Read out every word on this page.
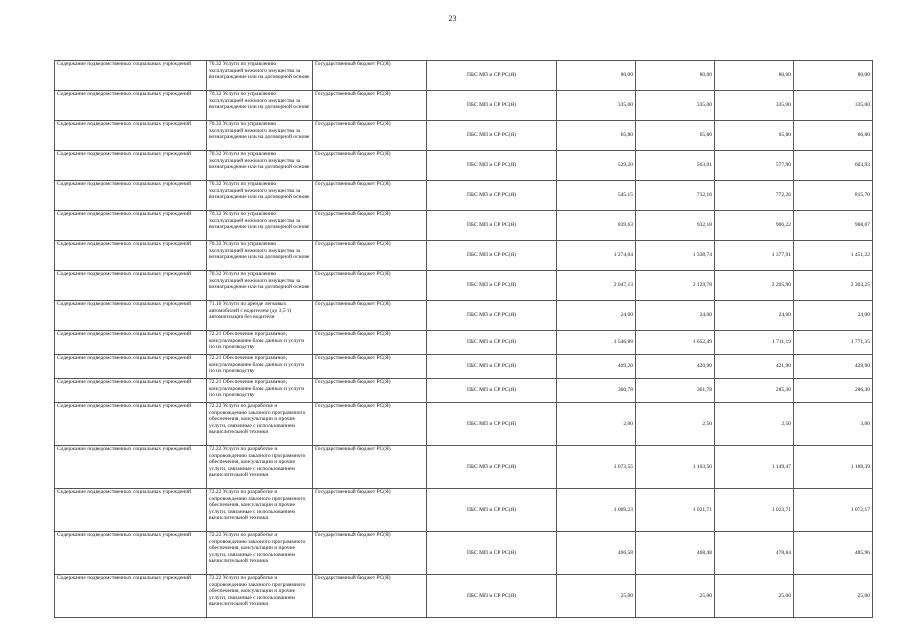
23
Содержание подведомственных социальных учреждений	70.32 Услуги по управлению эксплуатацией нежилого имущества за вознаграждение или на договорной основе	Государственный бюджет РС(Я)	ПБС МП и СР РС(Я)	80,00	80,00	80,00	80,00
Содержание подведомственных социальных учреждений	70.32 Услуги по управлению эксплуатацией нежилого имущества за вознаграждение или на договорной основе	Государственный бюджет РС(Я)	ПБС МП и СР РС(Я)	335,00	335,00	335,00	335,00
Содержание подведомственных социальных учреждений	70.32 Услуги по управлению эксплуатацией нежилого имущества за вознаграждение или на договорной основе	Государственный бюджет РС(Я)	ПБС МП и СР РС(Я)	65,80	65,80	65,80	66,80
Содержание подведомственных социальных учреждений	70.32 Услуги по управлению эксплуатацией нежилого имущества за вознаграждение или на договорной основе	Государственный бюджет РС(Я)	ПБС МП и СР РС(Я)	529,20	563,01	577,90	603,93
Содержание подведомственных социальных учреждений	70.32 Услуги по управлению эксплуатацией нежилого имущества за вознаграждение или на договорной основе	Государственный бюджет РС(Я)	ПБС МП и СР РС(Я)	545,15	732,16	772,26	815,70
Содержание подведомственных социальных учреждений	70.32 Услуги по управлению эксплуатацией нежилого имущества за вознаграждение или на договорной основе	Государственный бюджет РС(Я)	ПБС МП и СР РС(Я)	839,63	932,18	906,22	968,07
Содержание подведомственных социальных учреждений	70.32 Услуги по управлению эксплуатацией нежилого имущества за вознаграждение или на договорной основе	Государственный бюджет РС(Я)	ПБС МП и СР РС(Я)	1 274,04	1 338,74	1 377,91	1 451,22
Содержание подведомственных социальных учреждений	70.32 Услуги по управлению эксплуатацией нежилого имущества за вознаграждение или на договорной основе	Государственный бюджет РС(Я)	ПБС МП и СР РС(Я)	2 047,13	2 129,78	2 205,90	2 303,25
Содержание подведомственных социальных учреждений	71.10 Услуги по аренде легковых автомобилей с водителем (до 3,5 т) автоматизация без водителя	Государственный бюджет РС(Я)	ПБС МП и СР РС(Я)	24,00	24,00	24,00	24,00
Содержание подведомственных социальных учреждений	72.21 Обеспечение программное, консультирование базы данных и услуги по их производству	Государственный бюджет РС(Я)	ПБС МП и СР РС(Я)	1 546,88	1 652,49	1 711,19	1 771,35
Содержание подведомственных социальных учреждений	72.21 Обеспечение программное, консультирование базы данных и услуги по их производству	Государственный бюджет РС(Я)	ПБС МП и СР РС(Я)	409,20	420,90	421,90	428,90
Содержание подведомственных социальных учреждений	72.21 Обеспечение программное, консультирование базы данных и услуги по их производству	Государственный бюджет РС(Я)	ПБС МП и СР РС(Я)	360,78	361,78	285,30	286,30
Содержание подведомственных социальных учреждений	72.22 Услуги по разработке и сопровождению заказного программного обеспечения, консультации и прочие услуги, связанные с использованием вычислительной техники	Государственный бюджет РС(Я)	ПБС МП и СР РС(Я)	2,00	2,50	2,50	3,00
Содержание подведомственных социальных учреждений	72.22 Услуги по разработке и сопровождению заказного программного обеспечения, консультации и прочие услуги, связанные с использованием вычислительной техники	Государственный бюджет РС(Я)	ПБС МП и СР РС(Я)	1 073,55	1 103,50	1 149,47	1 188,39
Содержание подведомственных социальных учреждений	72.22 Услуги по разработке и сопровождению заказного программного обеспечения, консультации и прочие услуги, связанные с использованием вычислительной техники	Государственный бюджет РС(Я)	ПБС МП и СР РС(Я)	1 009,23	1 021,71	1 023,71	1 072,17
Содержание подведомственных социальных учреждений	72.22 Услуги по разработке и сопровождению заказного программного обеспечения, консультации и прочие услуги, связанные с использованием вычислительной техники	Государственный бюджет РС(Я)	ПБС МП и СР РС(Я)	406,58	468,48	478,84	485,96
Содержание подведомственных социальных учреждений	72.22 Услуги по разработке и сопровождению заказного программного обеспечения, консультации и прочие услуги, связанные с использованием вычислительной техники	Государственный бюджет РС(Я)	ПБС МП и СР РС(Я)	25,00	25,00	25,00	25,00
